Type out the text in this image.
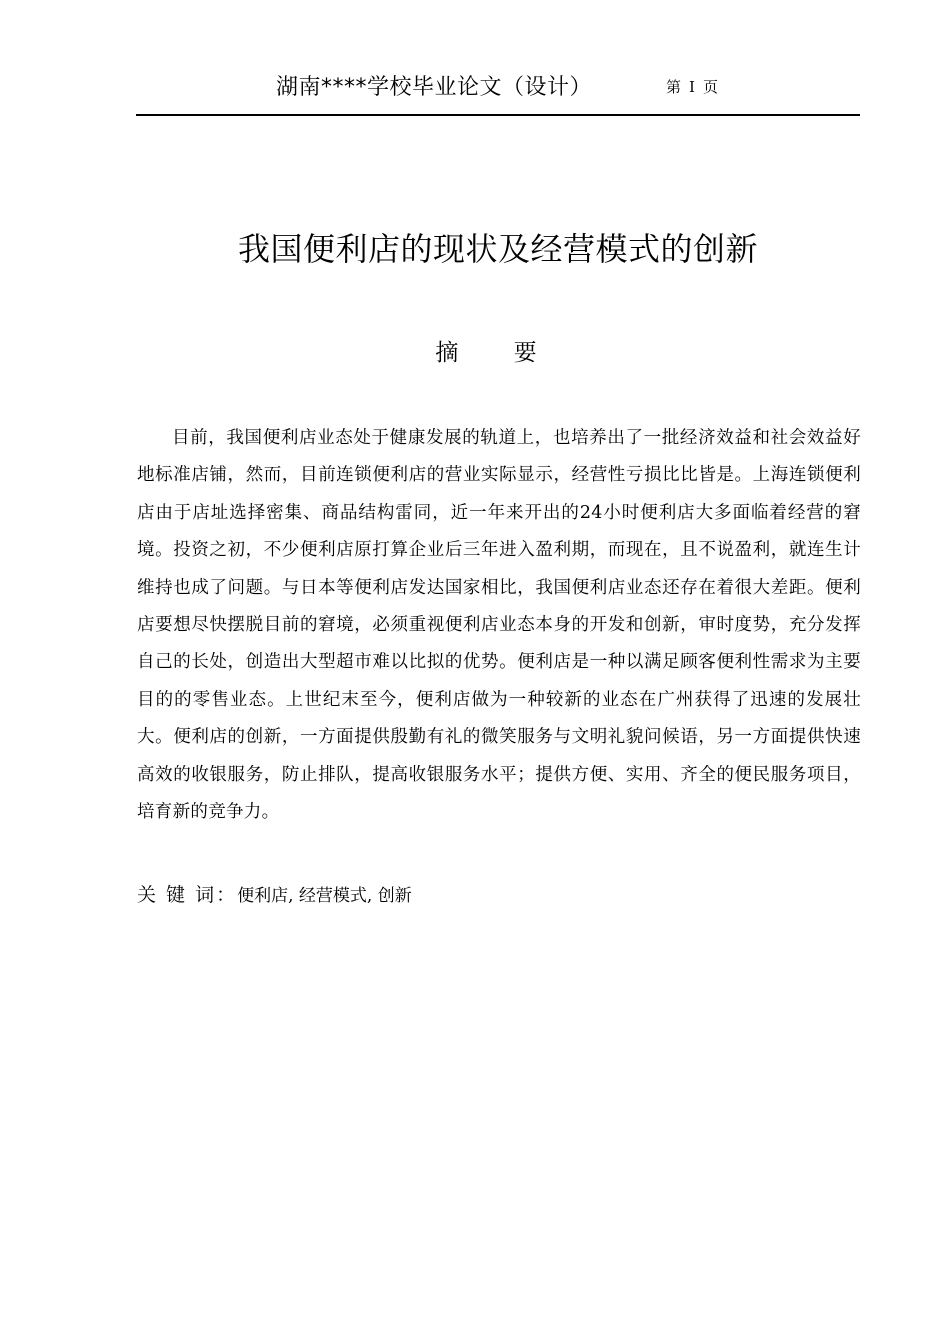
湖南****学校毕业论文（设计）	第 I 页
我国便利店的现状及经营模式的创新
摘 要

目前，我国便利店业态处于健康发展的轨道上，也培养出了一批经济效益和社会效益好地标准店铺，然而，目前连锁便利店的营业实际显示，经营性亏损比比皆是。上海连锁便利店由于店址选择密集、商品结构雷同，近一年来开出的24小时便利店大多面临着经营的窘境。投资之初，不少便利店原打算企业后三年进入盈利期，而现在，且不说盈利，就连生计维持也成了问题。与日本等便利店发达国家相比，我国便利店业态还存在着很大差距。便利店要想尽快摆脱目前的窘境，必须重视便利店业态本身的开发和创新，审时度势，充分发挥自己的长处，创造出大型超市难以比拟的优势。便利店是一种以满足顾客便利性需求为主要目的的零售业态。上世纪末至今，便利店做为一种较新的业态在广州获得了迅速的发展壮大。便利店的创新，一方面提供殷勤有礼的微笑服务与文明礼貌问候语，另一方面提供快速高效的收银服务，防止排队，提高收银服务水平；提供方便、实用、齐全的便民服务项目，培育新的竞争力。

关 键 词：便利店, 经营模式, 创新
